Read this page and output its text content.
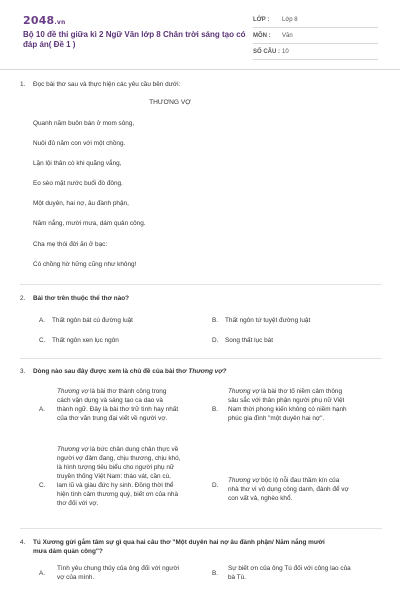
2048.vn
Bộ 10 đề thi giữa kì 2 Ngữ Văn lớp 8 Chân trời sáng tạo có đáp án( Đề 1 )
LỚP :	Lớp 8
MÔN :	Văn
SỐ CÂU : 10
1.	Đọc bài thơ sau và thực hiện các yêu cầu bên dưới:
THƯƠNG VỢ
Quanh năm buôn bán ở mom sông,
Nuôi đủ năm con với một chồng.
Lặn lội thân cò khi quãng vắng,
Eo sèo mặt nước buổi đò đông.
Một duyên, hai nợ, âu đành phận,
Năm nắng, mười mưa, dám quản công.
Cha mẹ thói đời ăn ở bạc:
Có chồng hờ hững cũng như không!
2.	Bài thơ trên thuộc thể thơ nào?
A. Thất ngôn bát cú đường luật	B. Thất ngôn tứ tuyệt đường luật
C. Thất ngôn xen lục ngôn	D. Song thất lục bát
3.	Dòng nào sau đây được xem là chủ đề của bài thơ Thương vợ?
A.
Thương vợ là bài thơ thành công trong
cách vận dụng và sáng tạo ca dao và
thành ngữ. Đây là bài thơ trữ tình hay nhất
của thơ văn trung đại viết về người vợ.
B.
Thương vợ là bài thơ tố niềm cảm thông
sâu sắc với thân phận người phụ nữ Việt
Nam thời phong kiến không có niềm hạnh
phúc gia đình "một duyên hai nợ".
C.
Thương vợ là bức chân dung chân thực về
người vợ đảm đang, chịu thương, chịu khó,
là hình tượng tiêu biểu cho người phụ nữ
truyền thống Việt Nam: tháo vát, cần cù,
lam lũ và giàu đức hy sinh. Đồng thời thể
hiện tình cảm thương quý, biết ơn của nhà
thơ đối với vợ.
D.
Thương vợ bộc lộ nỗi đau thầm kín của
nhà thơ vì vô dụng công danh, đành để vợ
con vất vả, nghèo khổ.
4.	Tú Xương gửi gắm tâm sự gì qua hai câu thơ "Một duyên hai nợ âu đành phận/ Năm nắng mười
mưa dám quản công"?
A.
Tình yêu chung thủy của ông đối với người
vợ của mình.
B.
Sự biết ơn của ông Tú đối với công lao của
bà Tú.
